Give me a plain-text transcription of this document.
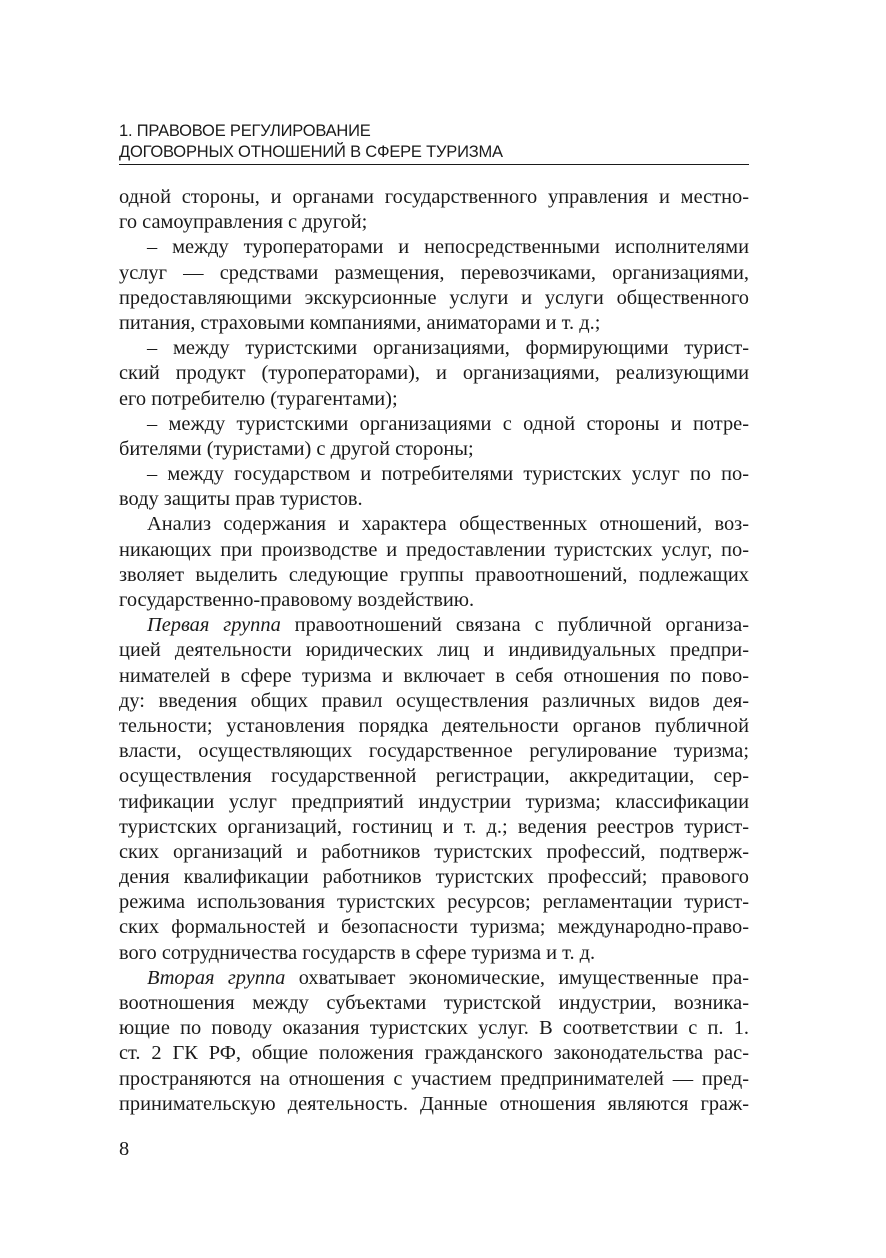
1. ПРАВОВОЕ РЕГУЛИРОВАНИЕ
ДОГОВОРНЫХ ОТНОШЕНИЙ В СФЕРЕ ТУРИЗМА
одной стороны, и органами государственного управления и местно-
го самоуправления с другой;
– между туроператорами и непосредственными исполнителями
услуг — средствами размещения, перевозчиками, организациями,
предоставляющими экскурсионные услуги и услуги общественного
питания, страховыми компаниями, аниматорами и т. д.;
– между туристскими организациями, формирующими турист-
ский продукт (туроператорами), и организациями, реализующими
его потребителю (турагентами);
– между туристскими организациями с одной стороны и потре-
бителями (туристами) с другой стороны;
– между государством и потребителями туристских услуг по по-
воду защиты прав туристов.
Анализ содержания и характера общественных отношений, воз-
никающих при производстве и предоставлении туристских услуг, по-
зволяет выделить следующие группы правоотношений, подлежащих
государственно-правовому воздействию.
Первая группа правоотношений связана с публичной организа-
цией деятельности юридических лиц и индивидуальных предпри-
нимателей в сфере туризма и включает в себя отношения по пово-
ду: введения общих правил осуществления различных видов дея-
тельности; установления порядка деятельности органов публичной
власти, осуществляющих государственное регулирование туризма;
осуществления государственной регистрации, аккредитации, сер-
тификации услуг предприятий индустрии туризма; классификации
туристских организаций, гостиниц и т. д.; ведения реестров турист-
ских организаций и работников туристских профессий, подтверж-
дения квалификации работников туристских профессий; правового
режима использования туристских ресурсов; регламентации турист-
ских формальностей и безопасности туризма; международно-право-
вого сотрудничества государств в сфере туризма и т. д.
Вторая группа охватывает экономические, имущественные пра-
воотношения между субъектами туристской индустрии, возника-
ющие по поводу оказания туристских услуг. В соответствии с п. 1.
ст. 2 ГК РФ, общие положения гражданского законодательства рас-
пространяются на отношения с участием предпринимателей — пред-
принимательскую деятельность. Данные отношения являются граж-
8
